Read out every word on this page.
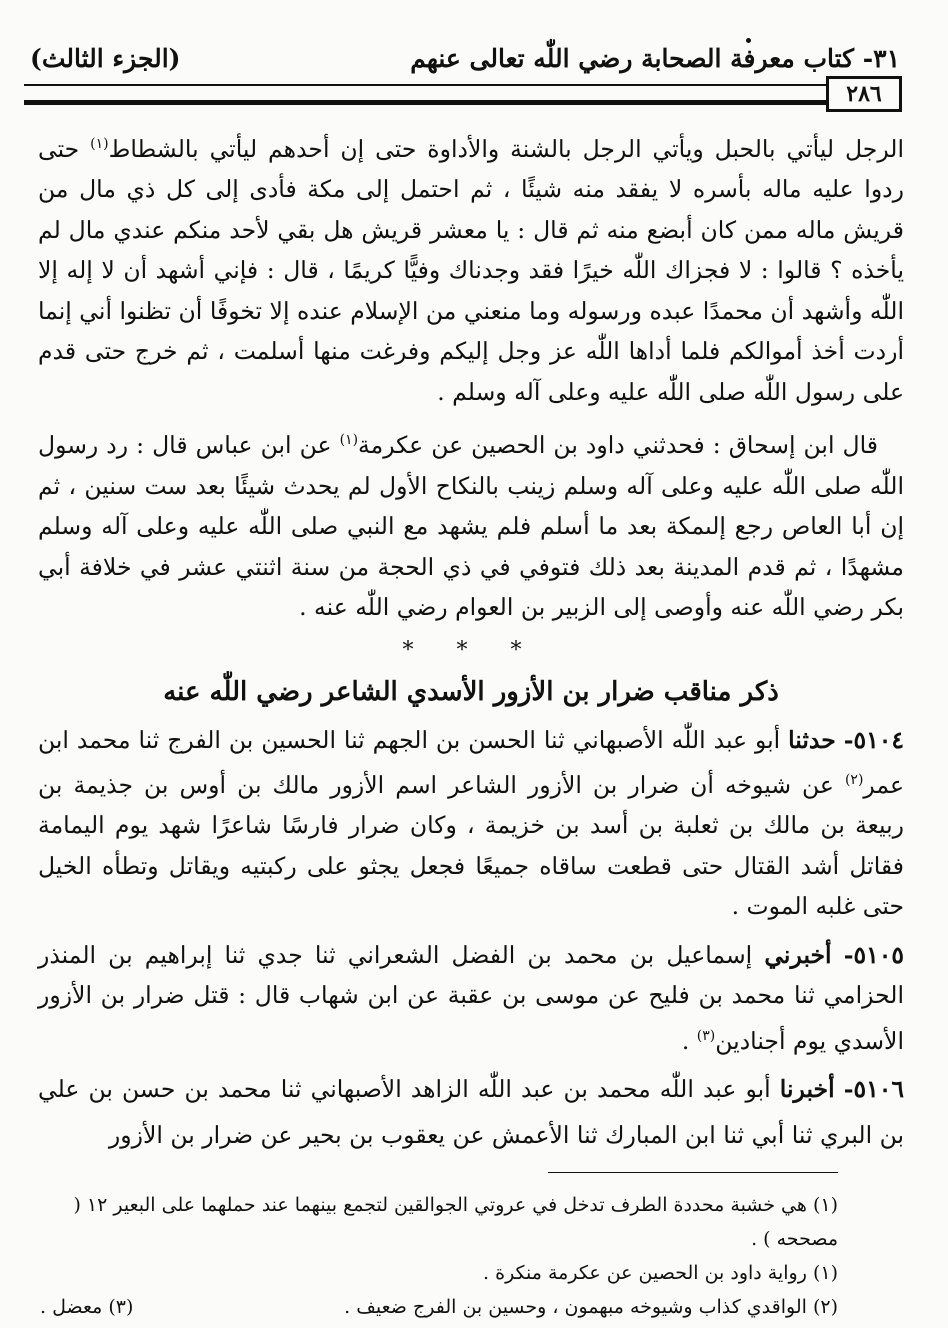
٣١- كتاب معرفة الصحابة رضي اللّٰه تعالى عنهم
(الجزء الثالث)
٢٨٦

الرجل ليأتي بالحبل ويأتي الرجل بالشنة والأداوة حتى إن أحدهم ليأتي بالشطاط$^{(١)}$ حتى ردوا عليه ماله بأسره لا يفقد منه شيئًا ، ثم احتمل إلى مكة فأدى إلى كل ذي مال من قريش ماله ممن كان أبضع منه ثم قال : يا معشر قريش هل بقي لأحد منكم عندي مال لم يأخذه ؟ قالوا : لا فجزاك اللّٰه خيرًا فقد وجدناك وفيًّا كريمًا ، قال : فإني أشهد أن لا إله إلا اللّٰه وأشهد أن محمدًا عبده ورسوله وما منعني من الإسلام عنده إلا تخوفًا أن تظنوا أني إنما أردت أخذ أموالكم فلما أداها اللّٰه عز وجل إليكم وفرغت منها أسلمت ، ثم خرج حتى قدم على رسول اللّٰه صلى اللّٰه عليه وعلى آله وسلم .

قال ابن إسحاق : فحدثني داود بن الحصين عن عكرمة$^{(١)}$ عن ابن عباس قال : رد رسول اللّٰه صلى اللّٰه عليه وعلى آله وسلم زينب بالنكاح الأول لم يحدث شيئًا بعد ست سنين ، ثم إن أبا العاص رجع إلىمكة بعد ما أسلم فلم يشهد مع النبي صلى اللّٰه عليه وعلى آله وسلم مشهدًا ، ثم قدم المدينة بعد ذلك فتوفي في ذي الحجة من سنة اثنتي عشر في خلافة أبي بكر رضي اللّٰه عنه وأوصى إلى الزبير بن العوام رضي اللّٰه عنه .

* * *
ذكر مناقب ضرار بن الأزور الأسدي الشاعر رضي اللّٰه عنه

٥١٠٤- حدثنا أبو عبد اللّٰه الأصبهاني ثنا الحسن بن الجهم ثنا الحسين بن الفرج ثنا محمد ابن عمر$^{(٢)}$ عن شيوخه أن ضرار بن الأزور الشاعر اسم الأزور مالك بن أوس بن جذيمة بن ربيعة بن مالك بن ثعلبة بن أسد بن خزيمة ، وكان ضرار فارسًا شاعرًا شهد يوم اليمامة فقاتل أشد القتال حتى قطعت ساقاه جميعًا فجعل يجثو على ركبتيه ويقاتل وتطأه الخيل حتى غلبه الموت .

٥١٠٥- أخبرني إسماعيل بن محمد بن الفضل الشعراني ثنا جدي ثنا إبراهيم بن المنذر الحزامي ثنا محمد بن فليح عن موسى بن عقبة عن ابن شهاب قال : قتل ضرار بن الأزور الأسدي يوم أجنادين$^{(٣)}$ .

٥١٠٦- أخبرنا أبو عبد اللّٰه محمد بن عبد اللّٰه الزاهد الأصبهاني ثنا محمد بن حسن بن علي بن البري ثنا أبي ثنا ابن المبارك ثنا الأعمش عن يعقوب بن بحير عن ضرار بن الأزور

(١) هي خشبة محددة الطرف تدخل في عروتي الجوالقين لتجمع بينهما عند حملهما على البعير ١٢ ( مصححه ) .
(١) رواية داود بن الحصين عن عكرمة منكرة .
(٢) الواقدي كذاب وشيوخه مبهمون ، وحسين بن الفرج ضعيف .
(٣) معضل .
